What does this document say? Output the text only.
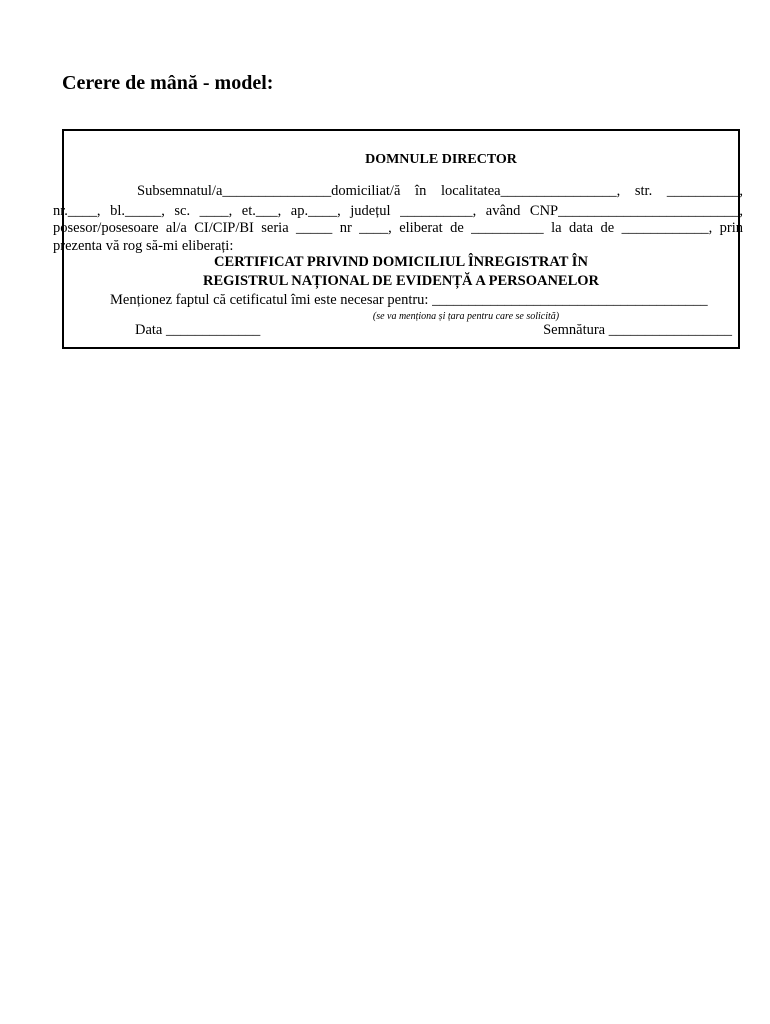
Cerere de mână - model:
DOMNULE DIRECTOR
Subsemnatul/a_______________domiciliat/ă în localitatea________________, str. __________,
nr.____, bl._____, sc. ____, et.___, ap.____, județul __________, având CNP_________________________,
posesor/posesoare al/a CI/CIP/BI seria _____ nr ____, eliberat de __________ la data de ____________, prin
prezenta vă rog să-mi eliberați:
CERTIFICAT PRIVIND DOMICILIUL ÎNREGISTRAT ÎN
REGISTRUL NAȚIONAL DE EVIDENȚĂ A PERSOANELOR
Menționez faptul că cetificatul îmi este necesar pentru: ______________________________________
(se va menționa și țara pentru care se solicită)
Data _____________	Semnătura _________________
